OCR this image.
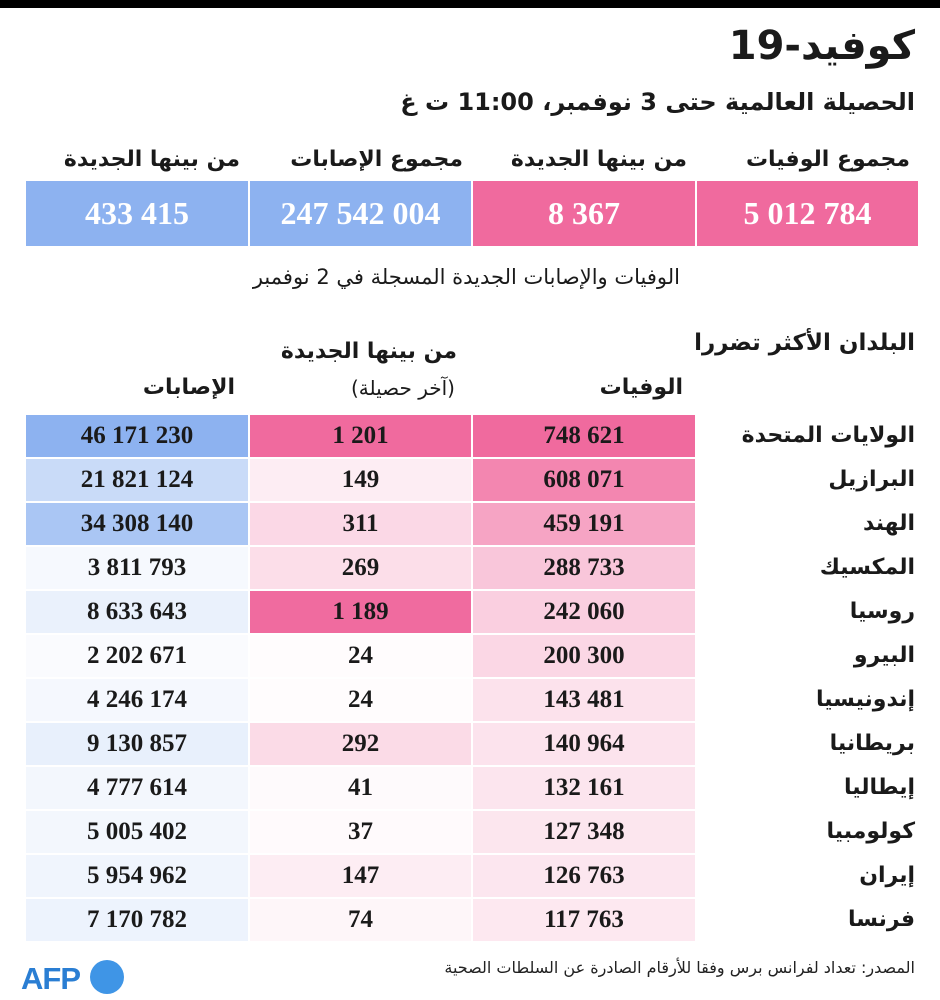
كوفيد-19
الحصيلة العالمية حتى 3 نوفمبر، 11:00 ت غ
مجموع الوفيات
من بينها الجديدة
مجموع الإصابات
من بينها الجديدة
5 012 784
8 367
247 542 004
433 415
الوفيات والإصابات الجديدة المسجلة في 2 نوفمبر
البلدان الأكثر تضررا
من بينها الجديدة
(آخر حصيلة)	الوفيات
الإصابات
الولايات المتحدة
748 621
1 201
46 171 230
البرازيل
608 071
149
21 821 124
الهند
459 191
311
34 308 140
المكسيك
288 733
269
3 811 793
روسيا
242 060
1 189
8 633 643
البيرو
200 300
24
2 202 671
إندونيسيا
143 481
24
4 246 174
بريطانيا
140 964
292
9 130 857
إيطاليا
132 161
41
4 777 614
كولومبيا
127 348
37
5 005 402
إيران
126 763
147
5 954 962
فرنسا
117 763
74
7 170 782
المصدر: تعداد لفرانس برس وفقا للأرقام الصادرة عن السلطات الصحية
AFP
